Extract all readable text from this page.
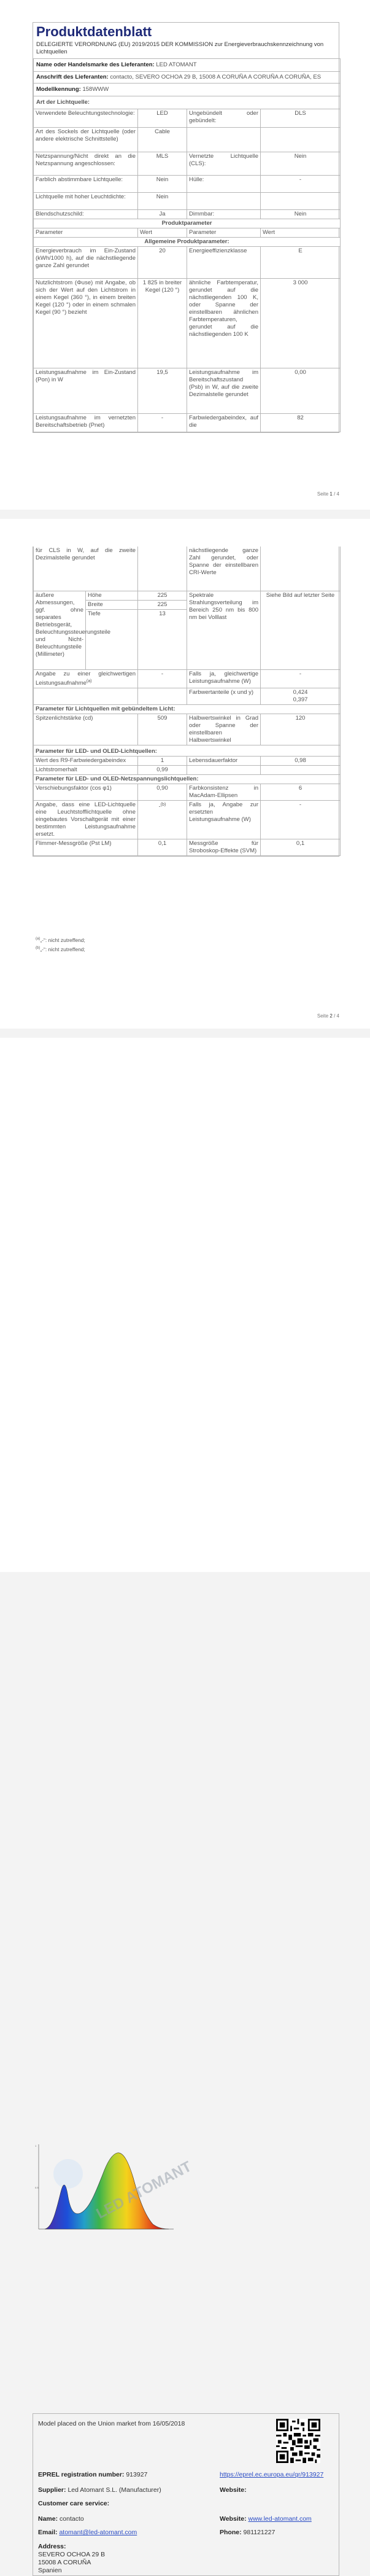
Produktdatenblatt
DELEGIERTE VERORDNUNG (EU) 2019/2015 DER KOMMISSION zur Energieverbrauchskennzeichnung von Lichtquellen
Name oder Handelsmarke des Lieferanten: LED ATOMANT			
Anschrift des Lieferanten: contacto, SEVERO OCHOA 29 B, 15008 A CORUÑA A CORUÑA A CORUÑA, ES			
Modellkennung: 158WWW			
Art der Lichtquelle:			
Verwendete Beleuchtungstechnologie:	LED	Ungebündelt oder gebündelt:	DLS
Art des Sockels der Lichtquelle (oder andere elektrische Schnittstelle)	Cable		
Netzspannung/Nicht direkt an die Netzspannung angeschlossen:	MLS	Vernetzte Lichtquelle (CLS):	Nein
Farblich abstimmbare Lichtquelle:	Nein	Hülle:	-
Lichtquelle mit hoher Leuchtdichte:	Nein		
Blendschutzschild:	Ja	Dimmbar:	Nein
Produktparameter			
Parameter	Wert	Parameter	Wert
Allgemeine Produktparameter:			
Energieverbrauch im Ein-Zustand (kWh/1000 h), auf die nächstliegende ganze Zahl gerundet	20	Energieeffizienzklasse	E
Nutzlichtstrom (Φuse) mit Angabe, ob sich der Wert auf den Lichtstrom in einem Kegel (360 °), in einem breiten Kegel (120 °) oder in einem schmalen Kegel (90 °) bezieht	1 825 in breiter Kegel (120 °)	ähnliche Farbtemperatur, gerundet auf die nächstliegenden 100 K, oder Spanne der einstellbaren ähnlichen Farbtemperaturen, gerundet auf die nächstliegenden 100 K	3 000
Leistungsaufnahme im Ein-Zustand (Pon) in W	19,5	Leistungsaufnahme im Bereitschaftszustand (Psb) in W, auf die zweite Dezimalstelle gerundet	0,00
Leistungsaufnahme im vernetzten Bereitschaftsbetrieb (Pnet)	-	Farbwiedergabeindex, auf die	82
Seite 1 / 4
für CLS in W, auf die zweite Dezimalstelle gerundet			nächstliegende ganze Zahl gerundet, oder Spanne der einstellbaren CRI-Werte	
äußere Abmessungen, ggf. ohne separates Betriebsgerät, Beleuchtungssteuerungsteile und Nicht-Beleuchtungsteile (Millimeter)	Höhe	225	Spektrale Strahlungsverteilung im Bereich 250 nm bis 800 nm bei Volllast	Siehe Bild auf letzter Seite
	Breite	225		
	Tiefe	13		
Angabe zu einer gleichwertigen Leistungsaufnahme$^{(a)}$		-	Falls ja, gleichwertige Leistungsaufnahme (W)	-
			Farbwertanteile (x und y)	0,424
0,397

Parameter für Lichtquellen mit gebündeltem Licht:				
Spitzenlichtstärke (cd)		509	Halbwertswinkel in Grad oder Spanne der einstellbaren Halbwertswinkel	120
Parameter für LED- und OLED-Lichtquellen:				
Wert des R9-Farbwiedergabeindex		1	Lebensdauerfaktor	0,98
Lichtstromerhalt		0,99		
Parameter für LED- und OLED-Netzspannungslichtquellen:				
Verschiebungsfaktor (cos φ1)		0,90	Farbkonsistenz in MacAdam-Ellipsen	6
Angabe, dass eine LED-Lichtquelle eine Leuchtstofflichtquelle ohne eingebautes Vorschaltgerät mit einer bestimmten Leistungsaufnahme ersetzt.		-$^{(b)}$	Falls ja, Angabe zur ersetzten Leistungsaufnahme (W)	-
Flimmer-Messgröße (Pst LM)		0,1	Messgröße für Stroboskop-Effekte (SVM)	0,1
$^{(a)}$„-“: nicht zutreffend;
$^{(b)}$„-“: nicht zutreffend;
Seite 2 / 4
1
0.5	LED ATOMANT
Model placed on the Union market from 16/05/2018
EPREL registration number: 913927	https://eprel.ec.europa.eu/qr/913927
Supplier: Led Atomant S.L. (Manufacturer)	Website:
Customer care service:
Name: contacto	Website: www.led-atomant.com
Email: atomant@led-atomant.com	Phone: 981121227
Address:
SEVERO OCHOA 29 B
15008 A CORUÑA
Spanien
